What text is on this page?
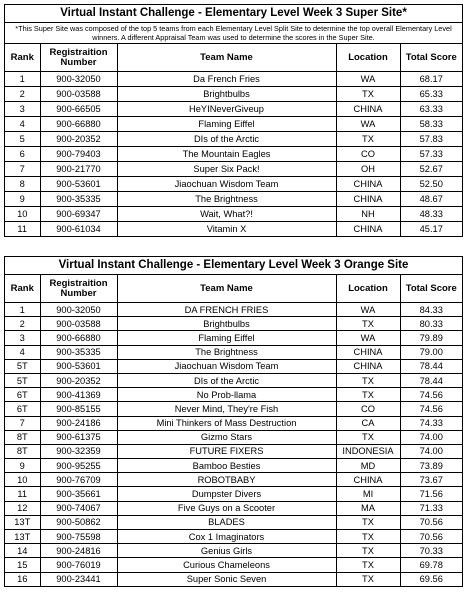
Virtual Instant Challenge - Elementary Level Week 3 Super Site*
*This Super Site was composed of the top 5 teams from each Elementary Level Split Site to determine the top overall Elementary Level winners. A different Appraisal Team was used to determine the scores in the Super Site.
Rank	Registraition Number	Team Name	Location	Total Score
1	900-32050	Da French Fries	WA	68.17
2	900-03588	Brightbulbs	TX	65.33
3	900-66505	HeYINeverGiveup	CHINA	63.33
4	900-66880	Flaming Eiffel	WA	58.33
5	900-20352	DIs of the Arctic	TX	57.83
6	900-79403	The Mountain Eagles	CO	57.33
7	900-21770	Super Six Pack!	OH	52.67
8	900-53601	Jiaochuan Wisdom Team	CHINA	52.50
9	900-35335	The Brightness	CHINA	48.67
10	900-69347	Wait, What?!	NH	48.33
11	900-61034	Vitamin X	CHINA	45.17
Virtual Instant Challenge - Elementary Level Week 3 Orange Site
Rank	Registraition Number	Team Name	Location	Total Score
1	900-32050	DA FRENCH FRIES	WA	84.33
2	900-03588	Brightbulbs	TX	80.33
3	900-66880	Flaming Eiffel	WA	79.89
4	900-35335	The Brightness	CHINA	79.00
5T	900-53601	Jiaochuan Wisdom Team	CHINA	78.44
5T	900-20352	DIs of the Arctic	TX	78.44
6T	900-41369	No Prob-llama	TX	74.56
6T	900-85155	Never Mind, They're Fish	CO	74.56
7	900-24186	Mini Thinkers of Mass Destruction	CA	74.33
8T	900-61375	Gizmo Stars	TX	74.00
8T	900-32359	FUTURE FIXERS	INDONESIA	74.00
9	900-95255	Bamboo Besties	MD	73.89
10	900-76709	ROBOTBABY	CHINA	73.67
11	900-35661	Dumpster Divers	MI	71.56
12	900-74067	Five Guys on a Scooter	MA	71.33
13T	900-50862	BLADES	TX	70.56
13T	900-75598	Cox 1 Imaginators	TX	70.56
14	900-24816	Genius Girls	TX	70.33
15	900-76019	Curious Chameleons	TX	69.78
16	900-23441	Super Sonic Seven	TX	69.56
